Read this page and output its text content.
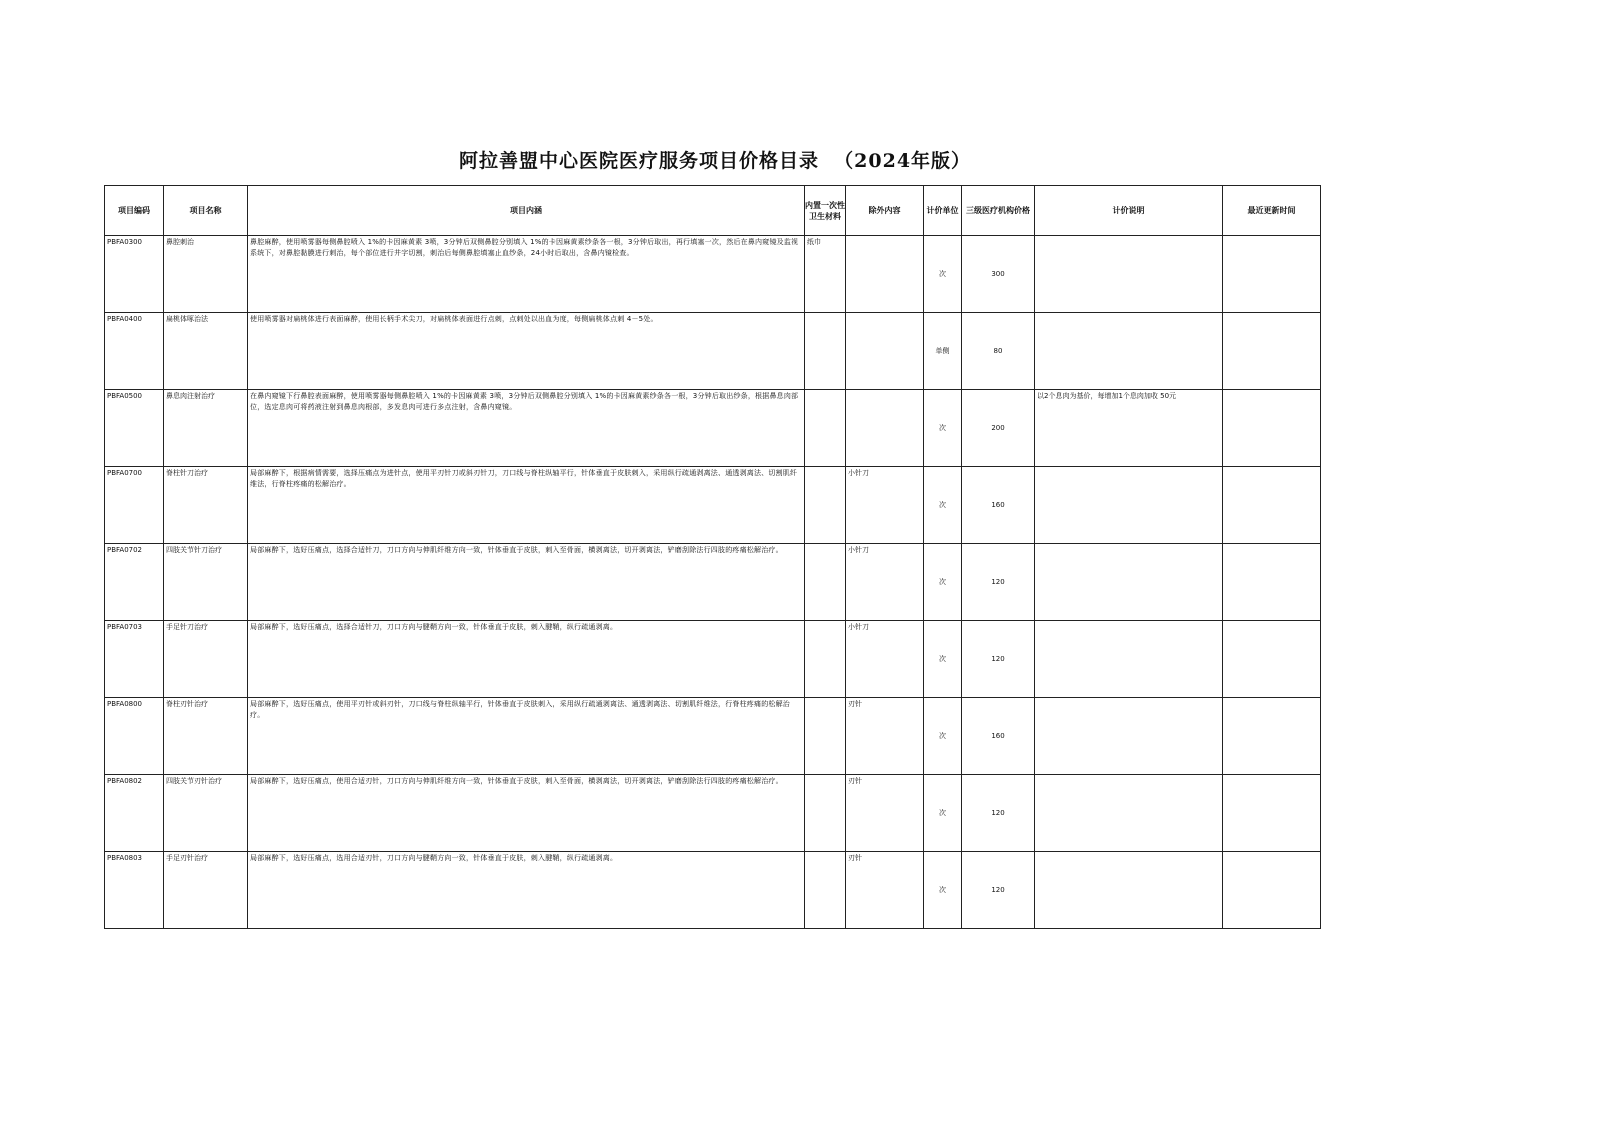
阿拉善盟中心医院医疗服务项目价格目录  （2024年版）
项目编码	项目名称	项目内涵	内置一次性卫生材料	除外内容	计价单位	三级医疗机构价格	计价说明	最近更新时间
PBFA0300	鼻腔刺治	鼻腔麻醉，使用喷雾器每侧鼻腔喷入 1%的卡因麻黄素 3喷，3分钟后双侧鼻腔分别填入 1%的卡因麻黄素纱条各一根，3分钟后取出，再行填塞一次，然后在鼻内窥镜及监视系统下，对鼻腔黏膜进行刺治，每个部位进行井字切割，刺治后每侧鼻腔填塞止血纱条，24小时后取出，含鼻内镜检查。	纸巾		次	300		
PBFA0400	扁桃体啄治法	使用喷雾器对扁桃体进行表面麻醉，使用长柄手术尖刀，对扁桃体表面进行点刺，点刺处以出血为度，每侧扁桃体点刺 4－5处。			单侧	80		
PBFA0500	鼻息肉注射治疗	在鼻内窥镜下行鼻腔表面麻醉，使用喷雾器每侧鼻腔喷入 1%的卡因麻黄素 3喷，3分钟后双侧鼻腔分别填入 1%的卡因麻黄素纱条各一根，3分钟后取出纱条，根据鼻息肉部位，选定息肉可将药液注射到鼻息肉根部，多发息肉可进行多点注射，含鼻内窥镜。			次	200	以2个息肉为基价，每增加1个息肉加收 50元	
PBFA0700	脊柱针刀治疗	局部麻醉下，根据病情需要，选择压痛点为进针点，使用平刃针刀或斜刃针刀，刀口线与脊柱纵轴平行，针体垂直于皮肤刺入，采用纵行疏通剥离法、通透剥离法、切割肌纤维法，行脊柱疼痛的松解治疗。		小针刀	次	160		
PBFA0702	四肢关节针刀治疗	局部麻醉下，选好压痛点，选择合适针刀，刀口方向与伸肌纤维方向一致，针体垂直于皮肤，刺入至骨面，横剥离法，切开剥离法，铲磨刮除法行四肢的疼痛松解治疗。		小针刀	次	120		
PBFA0703	手足针刀治疗	局部麻醉下，选好压痛点，选择合适针刀，刀口方向与腱鞘方向一致，针体垂直于皮肤，刺入腱鞘，纵行疏通剥离。		小针刀	次	120		
PBFA0800	脊柱刃针治疗	局部麻醉下，选好压痛点，使用平刃针或斜刃针，刀口线与脊柱纵轴平行，针体垂直于皮肤刺入，采用纵行疏通剥离法、通透剥离法、切割肌纤维法，行脊柱疼痛的松解治疗。		刃针	次	160		
PBFA0802	四肢关节刃针治疗	局部麻醉下，选好压痛点，使用合适刃针，刀口方向与伸肌纤维方向一致，针体垂直于皮肤，刺入至骨面，横剥离法，切开剥离法，铲磨刮除法行四肢的疼痛松解治疗。		刃针	次	120		
PBFA0803	手足刃针治疗	局部麻醉下，选好压痛点，选用合适刃针，刀口方向与腱鞘方向一致，针体垂直于皮肤，刺入腱鞘，纵行疏通剥离。		刃针	次	120		
